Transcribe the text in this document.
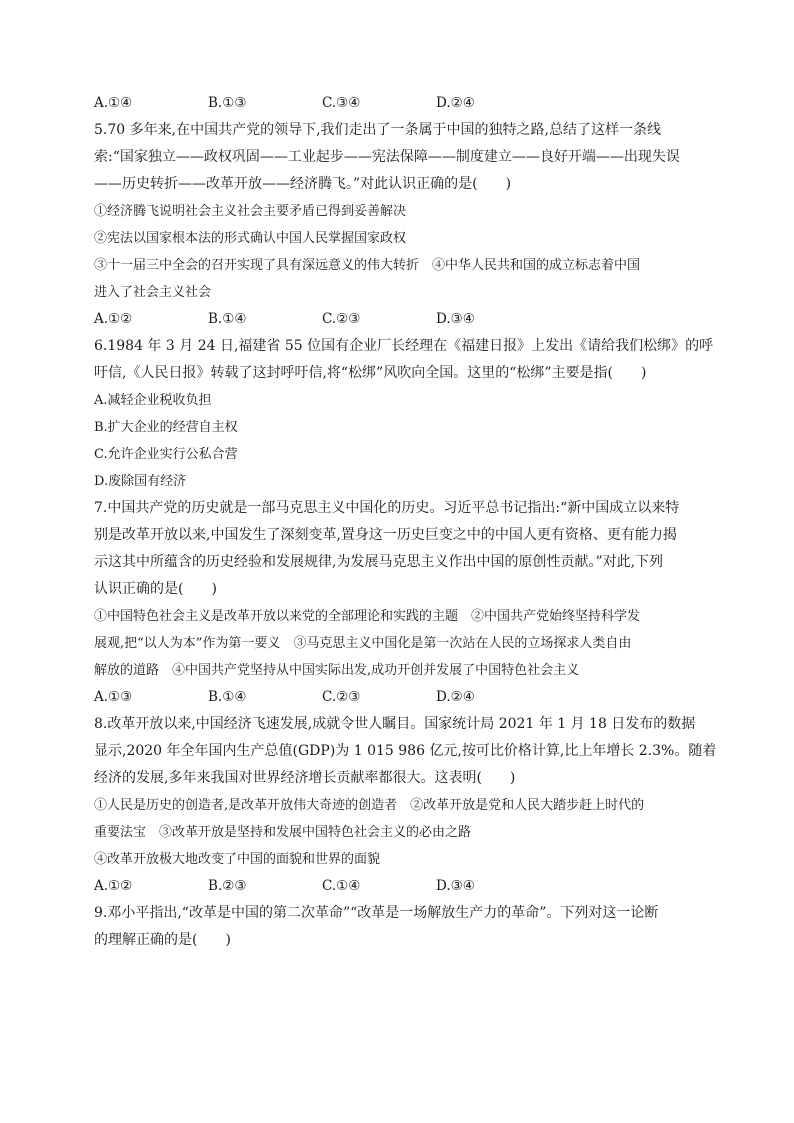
A.①④	B.①③	C.③④	D.②④
5.70 多年来,在中国共产党的领导下,我们走出了一条属于中国的独特之路,总结了这样一条线
索:“国家独立——政权巩固——工业起步——宪法保障——制度建立——良好开端——出现失误
——历史转折——改革开放——经济腾飞。”对此认识正确的是(　　)
①经济腾飞说明社会主义社会主要矛盾已得到妥善解决
②宪法以国家根本法的形式确认中国人民掌握国家政权
③十一届三中全会的召开实现了具有深远意义的伟大转折　④中华人民共和国的成立标志着中国
进入了社会主义社会
A.①②	B.①④	C.②③	D.③④
6.1984 年 3 月 24 日,福建省 55 位国有企业厂长经理在《福建日报》上发出《请给我们松绑》的呼
吁信,《人民日报》转载了这封呼吁信,将“松绑”风吹向全国。这里的“松绑”主要是指(　　)
A.减轻企业税收负担
B.扩大企业的经营自主权
C.允许企业实行公私合营
D.废除国有经济
7.中国共产党的历史就是一部马克思主义中国化的历史。习近平总书记指出:“新中国成立以来特
别是改革开放以来,中国发生了深刻变革,置身这一历史巨变之中的中国人更有资格、更有能力揭
示这其中所蕴含的历史经验和发展规律,为发展马克思主义作出中国的原创性贡献。”对此,下列
认识正确的是(　　)
①中国特色社会主义是改革开放以来党的全部理论和实践的主题　②中国共产党始终坚持科学发
展观,把“以人为本”作为第一要义　③马克思主义中国化是第一次站在人民的立场探求人类自由
解放的道路　④中国共产党坚持从中国实际出发,成功开创并发展了中国特色社会主义
A.①③	B.①④	C.②③	D.②④
8.改革开放以来,中国经济飞速发展,成就令世人瞩目。国家统计局 2021 年 1 月 18 日发布的数据
显示,2020 年全年国内生产总值(GDP)为 1 015 986 亿元,按可比价格计算,比上年增长 2.3%。随着
经济的发展,多年来我国对世界经济增长贡献率都很大。这表明(　　)
①人民是历史的创造者,是改革开放伟大奇迹的创造者　②改革开放是党和人民大踏步赶上时代的
重要法宝　③改革开放是坚持和发展中国特色社会主义的必由之路
④改革开放极大地改变了中国的面貌和世界的面貌
A.①②	B.②③	C.①④	D.③④
9.邓小平指出,“改革是中国的第二次革命”“改革是一场解放生产力的革命”。下列对这一论断
的理解正确的是(　　)
